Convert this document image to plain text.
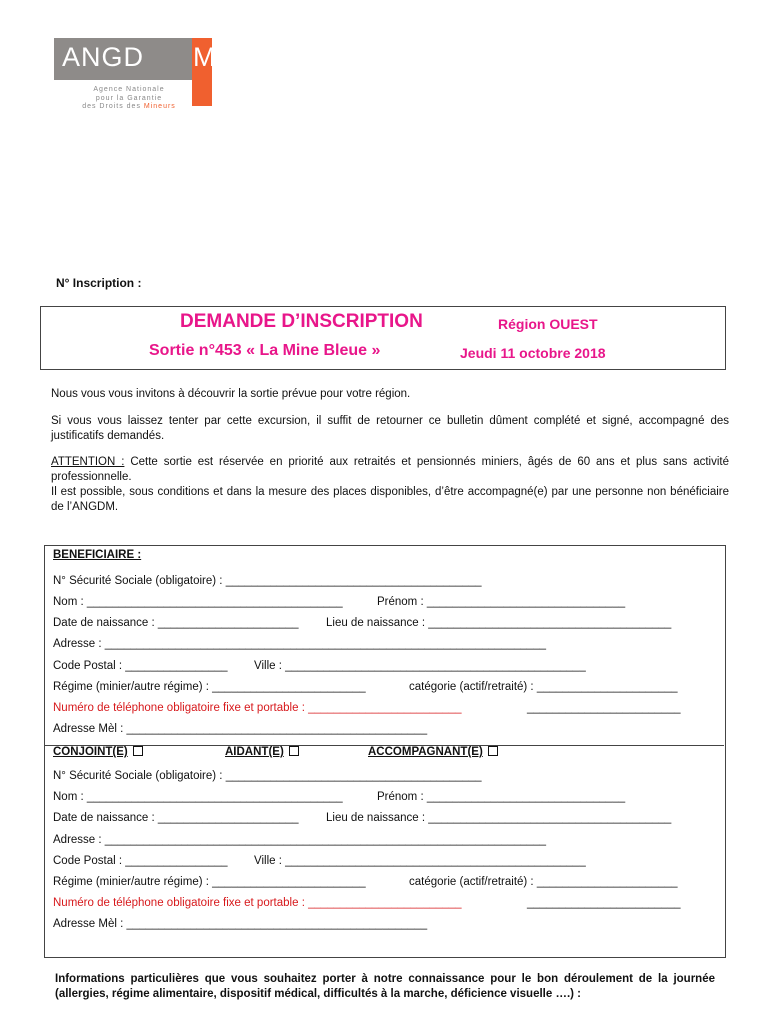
ANGD M
Agence Nationale
pour la Garantie
des Droits des Mineurs
N° Inscription :
DEMANDE D’INSCRIPTION	Région OUEST
Sortie n°453 « La Mine Bleue »	Jeudi 11 octobre 2018
Nous vous vous invitons à découvrir la sortie prévue pour votre région.
Si vous vous laissez tenter par cette excursion, il suffit de retourner ce bulletin dûment complété et signé, accompagné des justificatifs demandés.
ATTENTION : Cette sortie est réservée en priorité aux retraités et pensionnés miniers, âgés de 60 ans et plus sans activité professionnelle.
Il est possible, sous conditions et dans la mesure des places disponibles, d’être accompagné(e) par une personne non bénéficiaire de l’ANGDM.
BENEFICIAIRE :
N° Sécurité Sociale (obligatoire) : ________________________________________
Nom : ________________________________________	Prénom : _______________________________
Date de naissance : ______________________ Lieu de naissance : ______________________________________
Adresse : _____________________________________________________________________
Code Postal : ________________ Ville : _______________________________________________
Régime (minier/autre régime) : ________________________	catégorie (actif/retraité) : ______________________
Numéro de téléphone obligatoire fixe et portable : ________________________	________________________
Adresse Mèl : _______________________________________________
CONJOINT(E)	AIDANT(E)	ACCOMPAGNANT(E)
N° Sécurité Sociale (obligatoire) : ________________________________________
Nom : ________________________________________	Prénom : _______________________________
Date de naissance : ______________________ Lieu de naissance : ______________________________________
Adresse : _____________________________________________________________________
Code Postal : ________________ Ville : _______________________________________________
Régime (minier/autre régime) : ________________________	catégorie (actif/retraité) : ______________________
Numéro de téléphone obligatoire fixe et portable : ________________________	________________________
Adresse Mèl : _______________________________________________
Informations particulières que vous souhaitez porter à notre connaissance pour le bon déroulement de la journée (allergies, régime alimentaire, dispositif médical, difficultés à la marche, déficience visuelle ….) :
